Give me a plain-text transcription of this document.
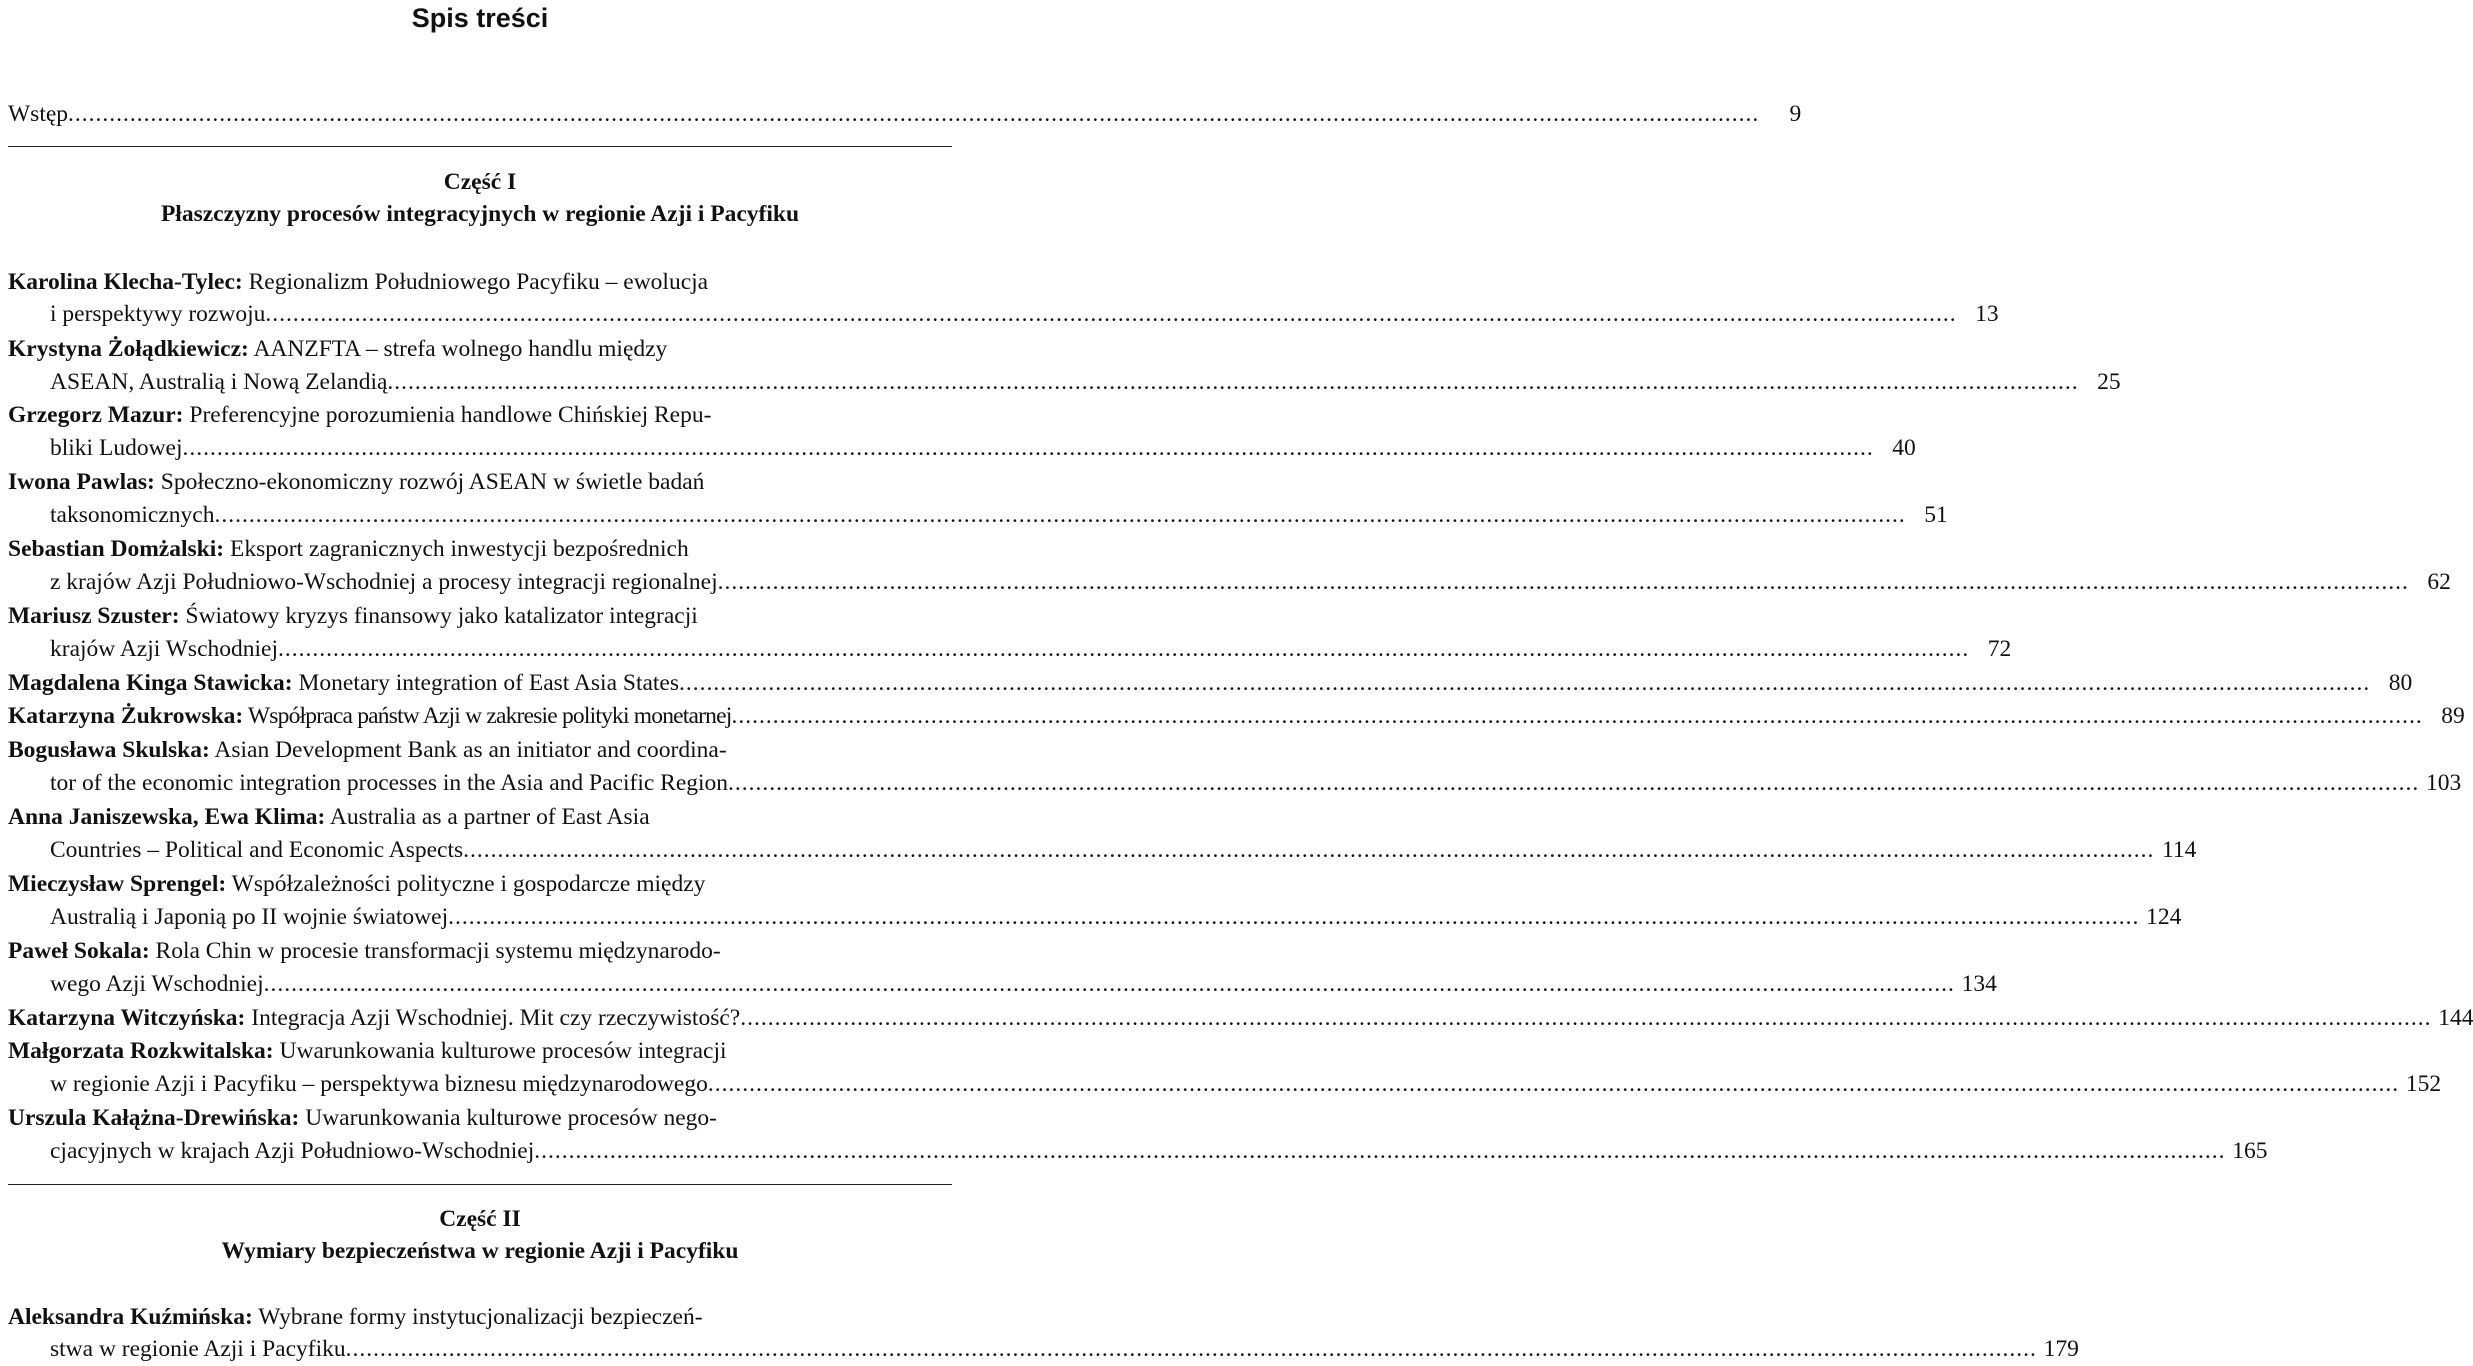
Spis treści
Wstęp .....	9
Część I
Płaszczyzny procesów integracyjnych w regionie Azji i Pacyfiku
Karolina Klecha-Tylec: Regionalizm Południowego Pacyfiku – ewolucja
i perspektywy rozwoju .....	13
Krystyna Żołądkiewicz: AANZFTA – strefa wolnego handlu między
ASEAN, Australią i Nową Zelandią .....	25
Grzegorz Mazur: Preferencyjne porozumienia handlowe Chińskiej Repu-
bliki Ludowej .....	40
Iwona Pawlas: Społeczno-ekonomiczny rozwój ASEAN w świetle badań
taksonomicznych .....	51
Sebastian Domżalski: Eksport zagranicznych inwestycji bezpośrednich
z krajów Azji Południowo-Wschodniej a procesy integracji regionalnej .....	62
Mariusz Szuster: Światowy kryzys finansowy jako katalizator integracji
krajów Azji Wschodniej .....	72
Magdalena Kinga Stawicka: Monetary integration of East Asia States .....	80
Katarzyna Żukrowska: Współpraca państw Azji w zakresie polityki monetarnej .....	89
Bogusława Skulska: Asian Development Bank as an initiator and coordina-
tor of the economic integration processes in the Asia and Pacific Region .....	103
Anna Janiszewska, Ewa Klima: Australia as a partner of East Asia
Countries – Political and Economic Aspects .....	114
Mieczysław Sprengel: Współzależności polityczne i gospodarcze między
Australią i Japonią po II wojnie światowej .....	124
Paweł Sokala: Rola Chin w procesie transformacji systemu międzynarodo-
wego Azji Wschodniej .....	134
Katarzyna Witczyńska: Integracja Azji Wschodniej. Mit czy rzeczywistość? .....	144
Małgorzata Rozkwitalska: Uwarunkowania kulturowe procesów integracji
w regionie Azji i Pacyfiku – perspektywa biznesu międzynarodowego .....	152
Urszula Kałążna-Drewińska: Uwarunkowania kulturowe procesów nego-
cjacyjnych w krajach Azji Południowo-Wschodniej .....	165
Część II
Wymiary bezpieczeństwa w regionie Azji i Pacyfiku
Aleksandra Kuźmińska: Wybrane formy instytucjonalizacji bezpieczeń-
stwa w regionie Azji i Pacyfiku .....	179
